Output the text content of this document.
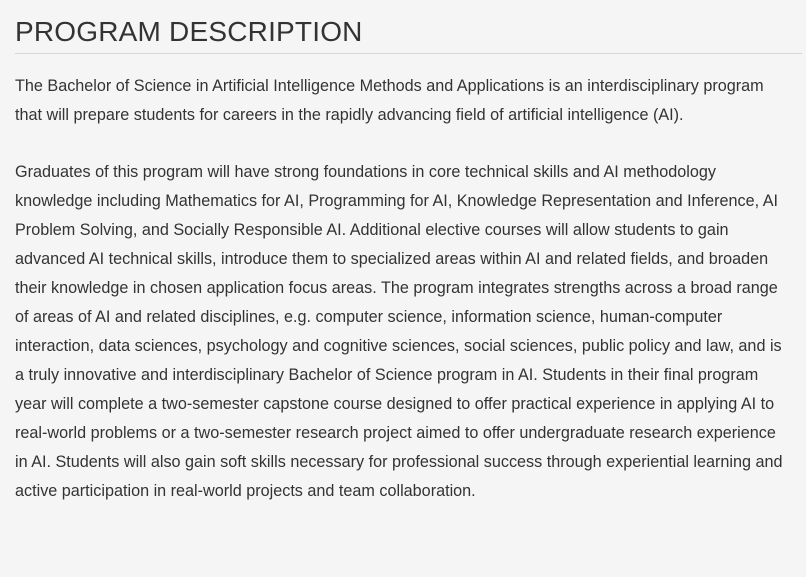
PROGRAM DESCRIPTION

The Bachelor of Science in Artificial Intelligence Methods and Applications is an interdisciplinary program that will prepare students for careers in the rapidly advancing field of artificial intelligence (AI).

Graduates of this program will have strong foundations in core technical skills and AI methodology knowledge including Mathematics for AI, Programming for AI, Knowledge Representation and Inference, AI Problem Solving, and Socially Responsible AI. Additional elective courses will allow students to gain advanced AI technical skills, introduce them to specialized areas within AI and related fields, and broaden their knowledge in chosen application focus areas. The program integrates strengths across a broad range of areas of AI and related disciplines, e.g. computer science, information science, human-computer interaction, data sciences, psychology and cognitive sciences, social sciences, public policy and law, and is a truly innovative and interdisciplinary Bachelor of Science program in AI. Students in their final program year will complete a two-semester capstone course designed to offer practical experience in applying AI to real-world problems or a two-semester research project aimed to offer undergraduate research experience in AI. Students will also gain soft skills necessary for professional success through experiential learning and active participation in real-world projects and team collaboration.
